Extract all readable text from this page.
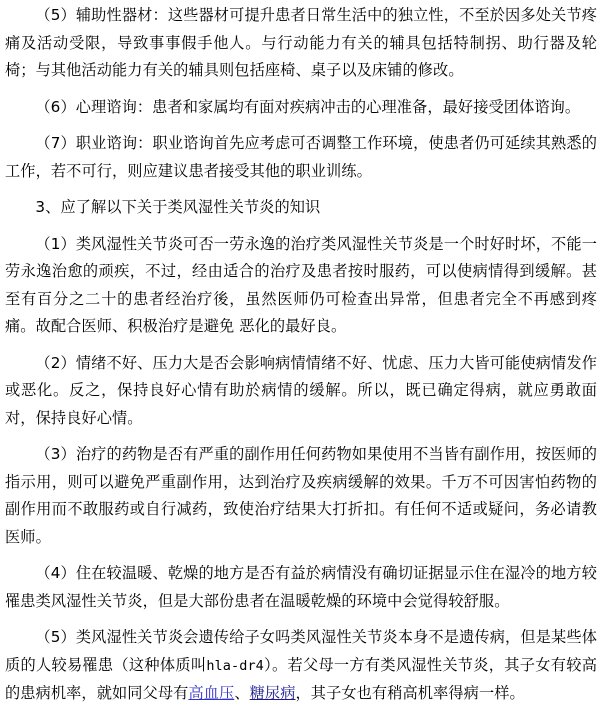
（5）辅助性器材：这些器材可提升患者日常生活中的独立性，不至於因多处关节疼痛及活动受限，导致事事假手他人。与行动能力有关的辅具包括特制拐、助行器及轮椅；与其他活动能力有关的辅具则包括座椅、桌子以及床铺的修改。

（6）心理谘询：患者和家属均有面对疾病冲击的心理准备，最好接受团体谘询。

（7）职业谘询：职业谘询首先应考虑可否调整工作环境，使患者仍可延续其熟悉的工作，若不可行，则应建议患者接受其他的职业训练。

3、应了解以下关于类风湿性关节炎的知识

（1）类风湿性关节炎可否一劳永逸的治疗类风湿性关节炎是一个时好时坏，不能一劳永逸治愈的顽疾，不过，经由适合的治疗及患者按时服药，可以使病情得到缓解。甚至有百分之二十的患者经治疗後，虽然医师仍可检查出异常，但患者完全不再感到疼痛。故配合医师、积极治疗是避免 恶化的最好良。

（2）情绪不好、压力大是否会影响病情情绪不好、忧虑、压力大皆可能使病情发作或恶化。反之，保持良好心情有助於病情的缓解。所以，既已确定得病，就应勇敢面对，保持良好心情。

（3）治疗的药物是否有严重的副作用任何药物如果使用不当皆有副作用，按医师的指示用，则可以避免严重副作用，达到治疗及疾病缓解的效果。千万不可因害怕药物的副作用而不敢服药或自行减药，致使治疗结果大打折扣。有任何不适或疑问，务必请教医师。

（4）住在较温暖、乾燥的地方是否有益於病情没有确切证据显示住在湿冷的地方较罹患类风湿性关节炎，但是大部份患者在温暖乾燥的环境中会觉得较舒服。

（5）类风湿性关节炎会遗传给子女吗类风湿性关节炎本身不是遗传病，但是某些体质的人较易罹患（这种体质叫hla-dr4）。若父母一方有类风湿性关节炎，其子女有较高的患病机率，就如同父母有高血压、糖尿病，其子女也有稍高机率得病一样。
